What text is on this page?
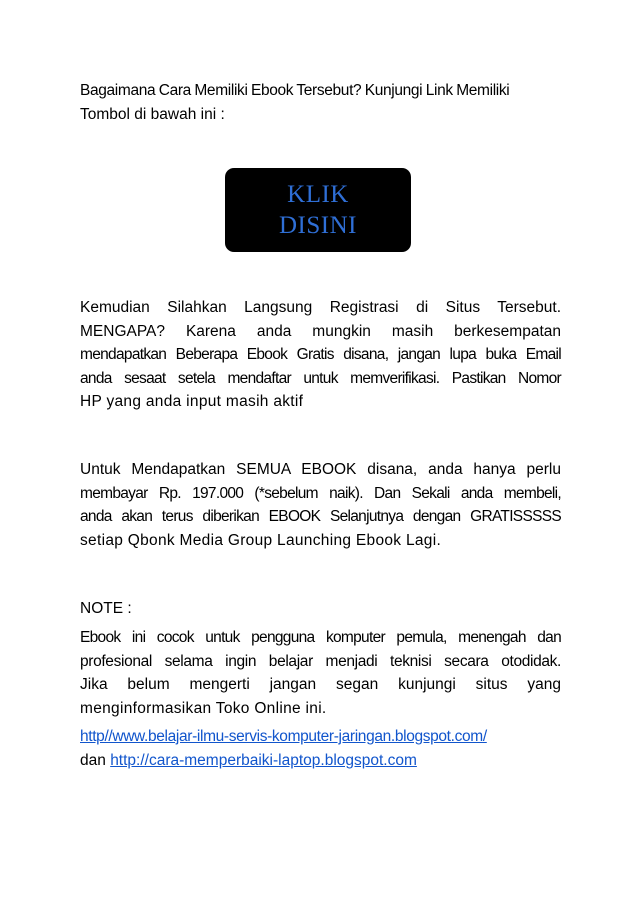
Bagaimana Cara Memiliki Ebook Tersebut? Kunjungi Link Memiliki

Tombol di bawah ini :

KLIK
DISINI

Kemudian Silahkan Langsung Registrasi di Situs Tersebut.

MENGAPA? Karena anda mungkin masih berkesempatan

mendapatkan Beberapa Ebook Gratis disana, jangan lupa buka Email

anda sesaat setela mendaftar untuk memverifikasi. Pastikan Nomor

HP yang anda input masih aktif

Untuk Mendapatkan SEMUA EBOOK disana, anda hanya perlu

membayar Rp. 197.000 (*sebelum naik). Dan Sekali anda membeli,

anda akan terus diberikan EBOOK Selanjutnya dengan GRATISSSSS

setiap Qbonk Media Group Launching Ebook Lagi.

NOTE :

Ebook ini cocok untuk pengguna komputer pemula, menengah dan

profesional selama ingin belajar menjadi teknisi secara otodidak.

Jika belum mengerti jangan segan kunjungi situs yang

menginformasikan Toko Online ini.

http//www.belajar-ilmu-servis-komputer-jaringan.blogspot.com/

dan http://cara-memperbaiki-laptop.blogspot.com
